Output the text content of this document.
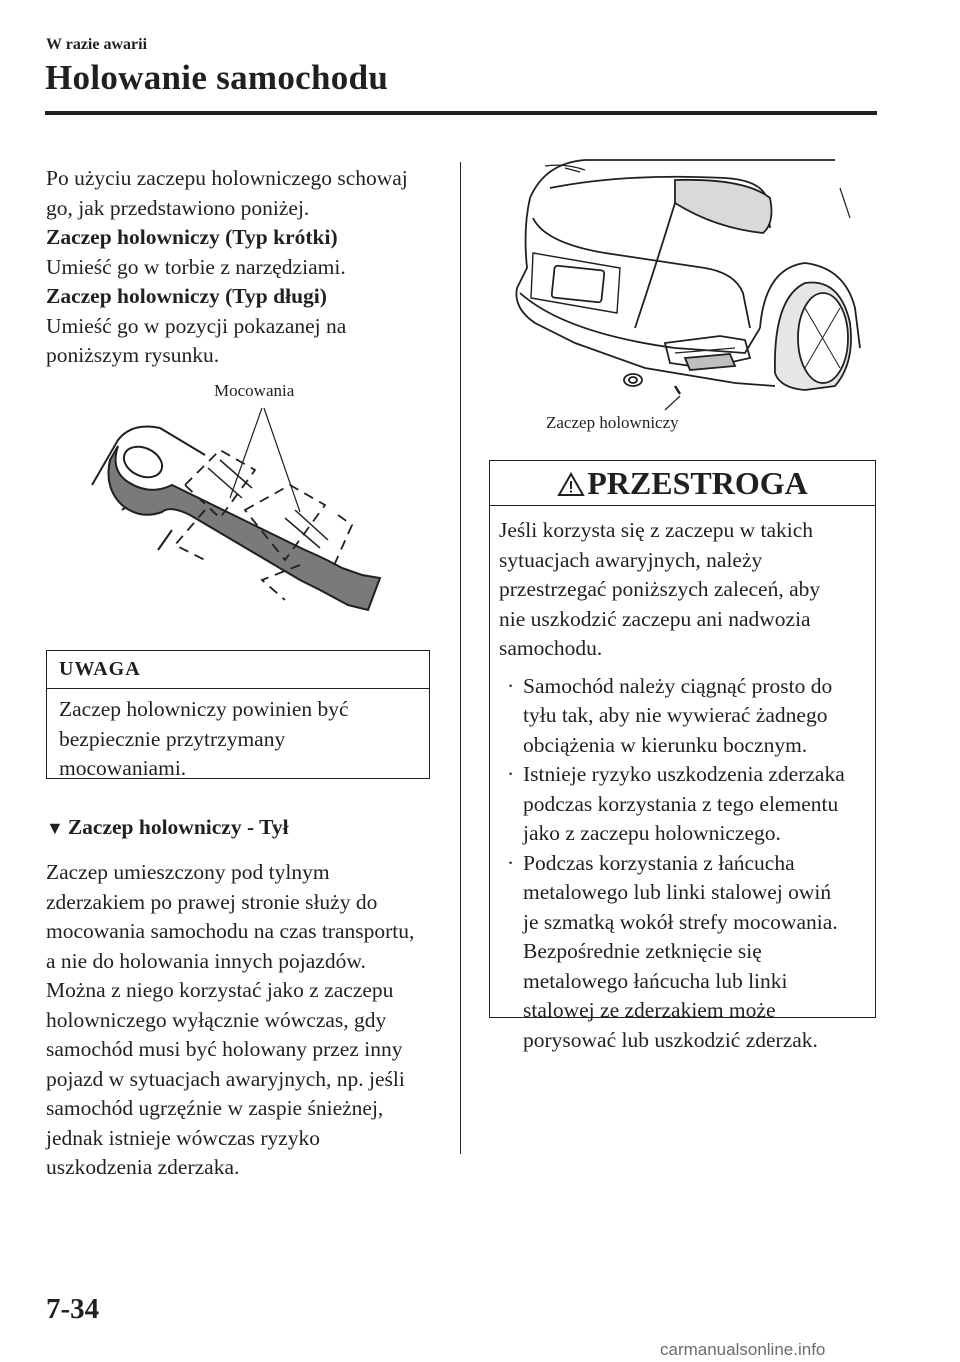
W razie awarii
Holowanie samochodu

Po użyciu zaczepu holowniczego schowaj

go, jak przedstawiono poniżej.

Zaczep holowniczy (Typ krótki)

Umieść go w torbie z narzędziami.

Zaczep holowniczy (Typ długi)

Umieść go w pozycji pokazanej na

poniższym rysunku.

Mocowania
UWAGA
Zaczep holowniczy powinien być
bezpiecznie przytrzymany
mocowaniami.
▼ Zaczep holowniczy - Tył

Zaczep umieszczony pod tylnym

zderzakiem po prawej stronie służy do

mocowania samochodu na czas transportu,

a nie do holowania innych pojazdów.

Można z niego korzystać jako z zaczepu

holowniczego wyłącznie wówczas, gdy

samochód musi być holowany przez inny

pojazd w sytuacjach awaryjnych, np. jeśli

samochód ugrzęźnie w zaspie śnieżnej,

jednak istnieje wówczas ryzyko

uszkodzenia zderzaka.

Zaczep holowniczy
PRZESTROGA
Jeśli korzysta się z zaczepu w takich
sytuacjach awaryjnych, należy
przestrzegać poniższych zaleceń, aby
nie uszkodzić zaczepu ani nadwozia
samochodu.
· Samochód należy ciągnąć prosto do
tyłu tak, aby nie wywierać żadnego
obciążenia w kierunku bocznym.
· Istnieje ryzyko uszkodzenia zderzaka
podczas korzystania z tego elementu
jako z zaczepu holowniczego.
· Podczas korzystania z łańcucha
metalowego lub linki stalowej owiń
je szmatką wokół strefy mocowania.
Bezpośrednie zetknięcie się
metalowego łańcucha lub linki
stalowej ze zderzakiem może
porysować lub uszkodzić zderzak.
7-34
carmanualsonline.info
